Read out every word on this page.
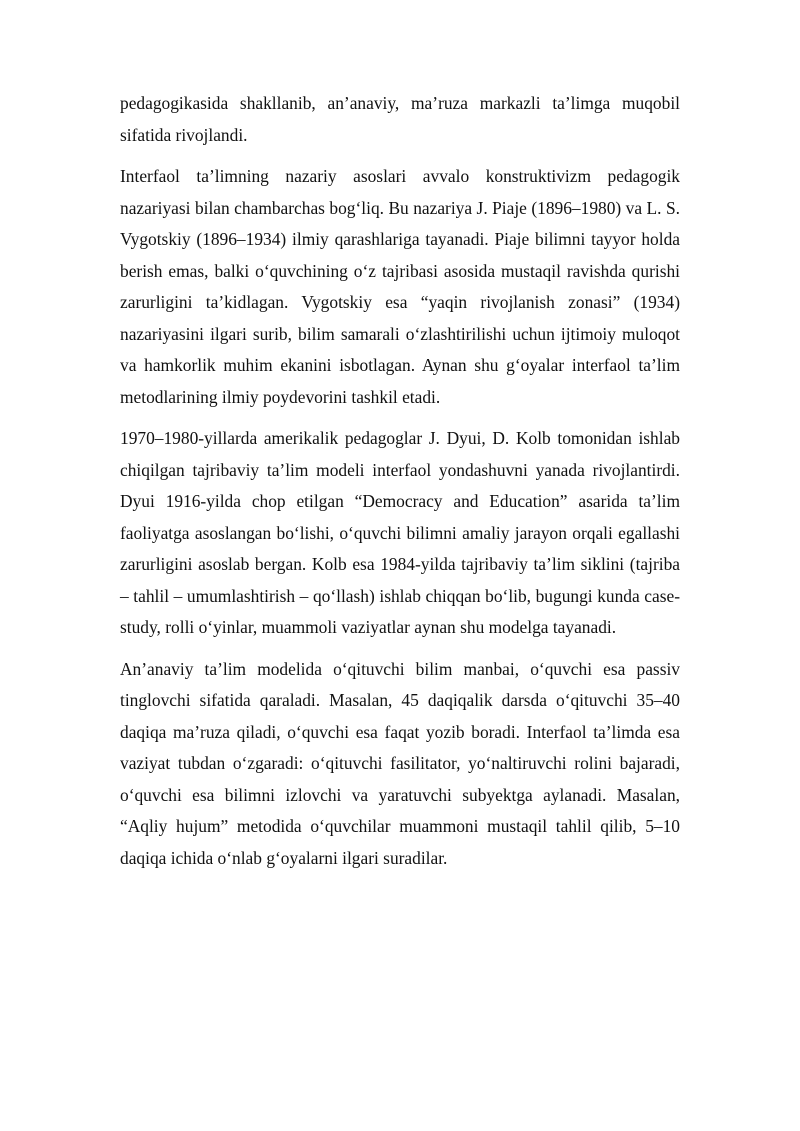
pedagogikasida shakllanib, an’anaviy, ma’ruza markazli ta’limga muqobil sifatida rivojlandi.

Interfaol ta’limning nazariy asoslari avvalo konstruktivizm pedagogik nazariyasi bilan chambarchas bog‘liq. Bu nazariya J. Piaje (1896–1980) va L. S. Vygotskiy (1896–1934) ilmiy qarashlariga tayanadi. Piaje bilimni tayyor holda berish emas, balki o‘quvchining o‘z tajribasi asosida mustaqil ravishda qurishi zarurligini ta’kidlagan. Vygotskiy esa “yaqin rivojlanish zonasi” (1934) nazariyasini ilgari surib, bilim samarali o‘zlashtirilishi uchun ijtimoiy muloqot va hamkorlik muhim ekanini isbotlagan. Aynan shu g‘oyalar interfaol ta’lim metodlarining ilmiy poydevorini tashkil etadi.

1970–1980-yillarda amerikalik pedagoglar J. Dyui, D. Kolb tomonidan ishlab chiqilgan tajribaviy ta’lim modeli interfaol yondashuvni yanada rivojlantirdi. Dyui 1916-yilda chop etilgan “Democracy and Education” asarida ta’lim faoliyatga asoslangan bo‘lishi, o‘quvchi bilimni amaliy jarayon orqali egallashi zarurligini asoslab bergan. Kolb esa 1984-yilda tajribaviy ta’lim siklini (tajriba – tahlil – umumlashtirish – qo‘llash) ishlab chiqqan bo‘lib, bugungi kunda case-study, rolli o‘yinlar, muammoli vaziyatlar aynan shu modelga tayanadi.

An’anaviy ta’lim modelida o‘qituvchi bilim manbai, o‘quvchi esa passiv tinglovchi sifatida qaraladi. Masalan, 45 daqiqalik darsda o‘qituvchi 35–40 daqiqa ma’ruza qiladi, o‘quvchi esa faqat yozib boradi. Interfaol ta’limda esa vaziyat tubdan o‘zgaradi: o‘qituvchi fasilitator, yo‘naltiruvchi rolini bajaradi, o‘quvchi esa bilimni izlovchi va yaratuvchi subyektga aylanadi. Masalan, “Aqliy hujum” metodida o‘quvchilar muammoni mustaqil tahlil qilib, 5–10 daqiqa ichida o‘nlab g‘oyalarni ilgari suradilar.
